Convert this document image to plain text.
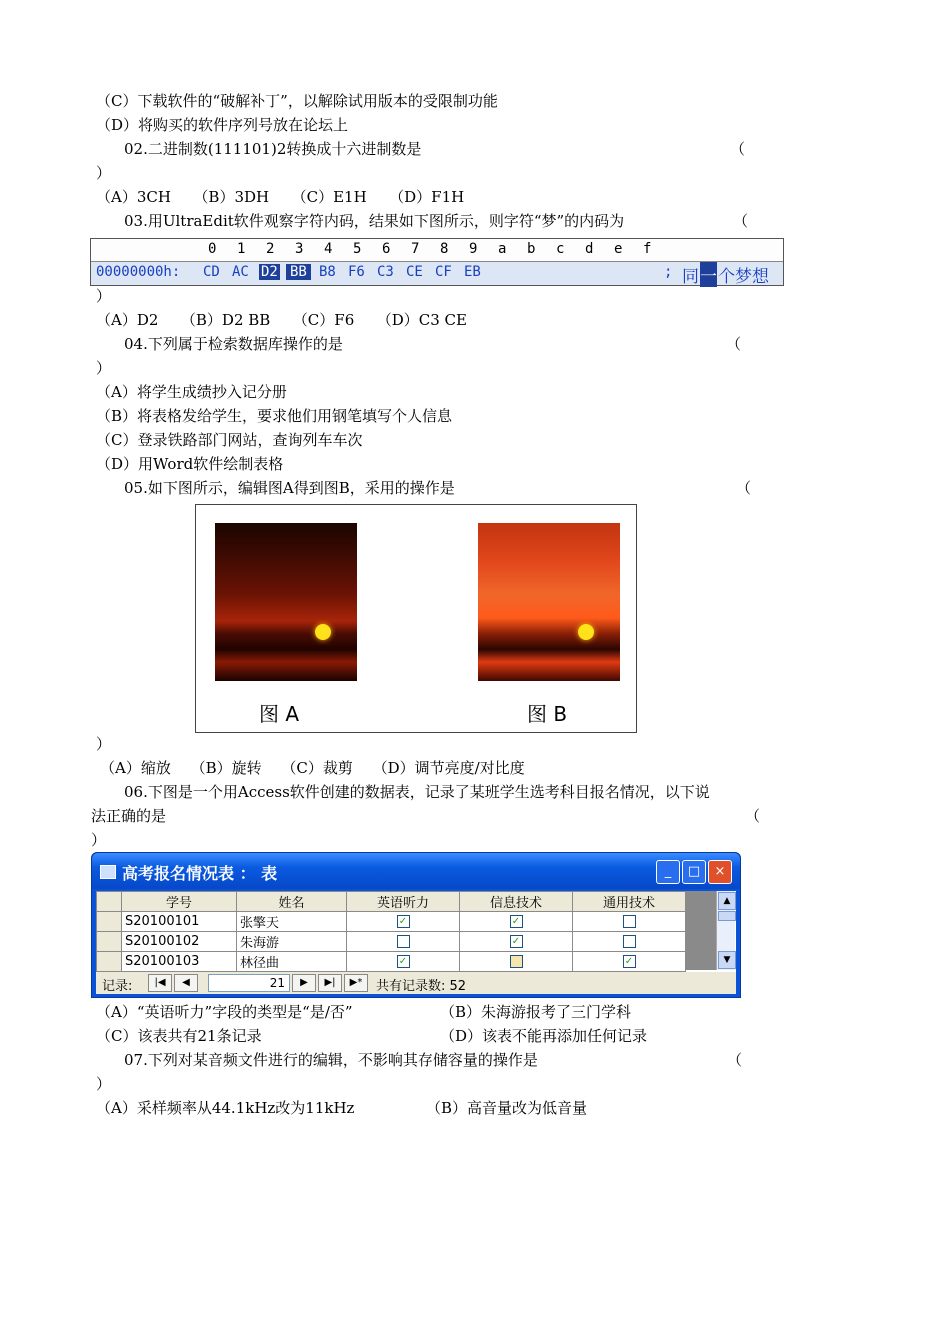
（C）下载软件的“破解补丁”，以解除试用版本的受限制功能
（D）将购买的软件序列号放在论坛上
02.二进制数(111101)2转换成十六进制数是	（
）
（A）3CH　　（B）3DH　　（C）E1H　　（D）F1H
03.用UltraEdit软件观察字符内码，结果如下图所示，则字符“梦”的内码为	（
0 1 2 3 4 5 6 7 8 9 a b c d e f
00000000h: CD AC D2 BB B8 F6 C3 CE CF EB	; 同 一 个梦想
）
（A）D2　　（B）D2 BB　　（C）F6　　（D）C3 CE
04.下列属于检索数据库操作的是	（
）
（A）将学生成绩抄入记分册
（B）将表格发给学生，要求他们用钢笔填写个人信息
（C）登录铁路部门网站，查询列车车次
（D）用Word软件绘制表格
05.如下图所示，编辑图A得到图B，采用的操作是	（
图 A	图 B
）
（A）缩放　 （B）旋转　 （C）裁剪　 （D）调节亮度/对比度
06.下图是一个用Access软件创建的数据表，记录了某班学生选考科目报名情况，以下说
法正确的是	（
）
高考报名情况表 ： 表	_	□	×
	学号	姓名	英语听力	信息技术	通用技术
	S20100101	张擎天	✓	✓	
	S20100102	朱海游		✓	
	S20100103	林径曲	✓		✓
▲
▼
记录:	|◀	◀	21	▶	▶|	▶*	共有记录数: 52
（A）“英语听力”字段的类型是“是/否”	（B）朱海游报考了三门学科
（C）该表共有21条记录	（D）该表不能再添加任何记录
07.下列对某音频文件进行的编辑，不影响其存储容量的操作是	（
）
（A）采样频率从44.1kHz改为11kHz	（B）高音量改为低音量
